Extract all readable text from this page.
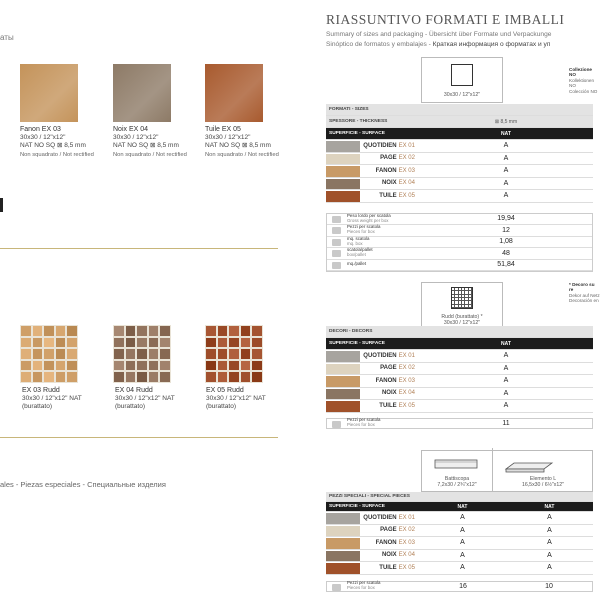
аты
Fanon EX 03
30x30 / 12"x12"
NAT NO SQ ⊠ 8,5 mm
Non squadrato / Not rectified
Noix EX 04
30x30 / 12"x12"
NAT NO SQ ⊠ 8,5 mm
Non squadrato / Not rectified
Tuile EX 05
30x30 / 12"x12"
NAT NO SQ ⊠ 8,5 mm
Non squadrato / Not rectified
EX 03 Rudd
30x30 / 12"x12" NAT
(burattato)
EX 04 Rudd
30x30 / 12"x12" NAT
(burattato)
EX 05 Rudd
30x30 / 12"x12" NAT
(burattato)
ales - Piezas especiales - Специальные изделия
RIASSUNTIVO FORMATI E IMBALLI
Summary of sizes and packaging - Übersicht über Formate und Verpackunge
Sinóptico de formatos y embalajes - Краткая информация о форматах и уп
Collezione NO
Kollektionen NO
Colección NO
* Decoro su re
Dekor auf Netz
Decoración en
30x30 / 12"x12"
FORMATI - SIZES
SPESSORE - THICKNESS	⊠ 8,5 mm
SUPERFICIE - SURFACE	NAT
QUOTIDIEN EX 01	A
PAGE EX 02	A
FANON EX 03	A
NOIX EX 04	A
TUILE EX 05	A
Peso lordo per scatola
Gross weight per box	19,94
Pezzi per scatola
Pieces for box	12
mq. scatola
mq. box	1,08
scatola/pallet
box/pallet	48
mq./pallet	51,84
Rudd (burattato) *
30x30 / 12"x12"
DECORI - DECORS
SUPERFICIE - SURFACE	NAT
QUOTIDIEN EX 01	A
PAGE EX 02	A
FANON EX 03	A
NOIX EX 04	A
TUILE EX 05	A
Pezzi per scatola
Pieces for box	11
Battiscopa
7,2x30 / 2¾"x12"
Elemento L
16,5x30 / 6½"x12"
PEZZI SPECIALI - SPECIAL PIECES
SUPERFICIE - SURFACE	NAT	NAT
QUOTIDIEN EX 01	A	A
PAGE EX 02	A	A
FANON EX 03	A	A
NOIX EX 04	A	A
TUILE EX 05	A	A
Pezzi per scatola
Pieces for box	16	10
